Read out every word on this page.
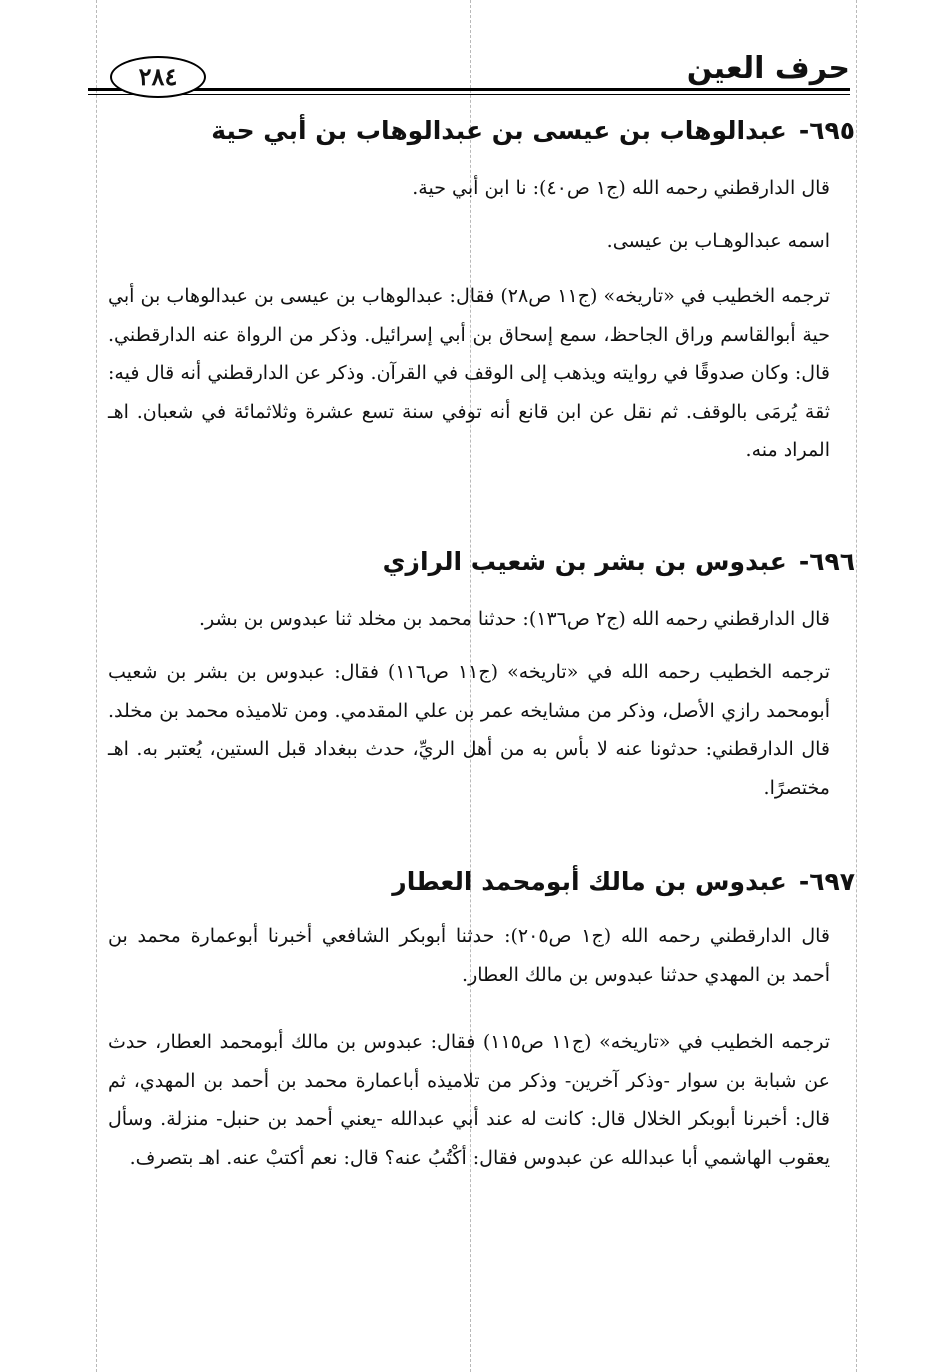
حرف العين
٢٨٤
٦٩٥-عبدالوهاب بن عيسى بن عبدالوهاب بن أبي حية

قال الدارقطني رحمه الله (ج١ ص٤٠): نا ابن أبي حية.

اسمه عبدالوهـاب بن عيسى.

ترجمه الخطيب في «تاريخه» (ج١١ ص٢٨) فقال: عبدالوهاب بن عيسى بن عبدالوهاب بن أبي حية أبوالقاسم وراق الجاحظ، سمع إسحاق بن أبي إسرائيل. وذكر من الرواة عنه الدارقطني. قال: وكان صدوقًا في روايته ويذهب إلى الوقف في القرآن. وذكر عن الدارقطني أنه قال فيه: ثقة يُرمَى بالوقف. ثم نقل عن ابن قانع أنه توفي سنة تسع عشرة وثلاثمائة في شعبان. اهـ المراد منه.

٦٩٦-عبدوس بن بشر بن شعيب الرازي

قال الدارقطني رحمه الله (ج٢ ص١٣٦): حدثنا محمد بن مخلد ثنا عبدوس بن بشر.

ترجمه الخطيب رحمه الله في «تاريخه» (ج١١ ص١١٦) فقال: عبدوس بن بشر بن شعيب أبومحمد رازي الأصل، وذكر من مشايخه عمر بن علي المقدمي. ومن تلاميذه محمد بن مخلد. قال الدارقطني: حدثونا عنه لا بأس به من أهل الريِّ، حدث ببغداد قبل الستين، يُعتبر به. اهـ مختصرًا.

٦٩٧-عبدوس بن مالك أبومحمد العطار

قال الدارقطني رحمه الله (ج١ ص٢٠٥): حدثنا أبوبكر الشافعي أخبرنا أبوعمارة محمد بن أحمد بن المهدي حدثنا عبدوس بن مالك العطار.

ترجمه الخطيب في «تاريخه» (ج١١ ص١١٥) فقال: عبدوس بن مالك أبومحمد العطار، حدث عن شبابة بن سوار -وذكر آخرين- وذكر من تلاميذه أباعمارة محمد بن أحمد بن المهدي، ثم قال: أخبرنا أبوبكر الخلال قال: كانت له عند أبي عبدالله -يعني أحمد بن حنبل- منزلة. وسأل يعقوب الهاشمي أبا عبدالله عن عبدوس فقال: أكْتُبُ عنه؟ قال: نعم أكتبْ عنه. اهـ بتصرف.
